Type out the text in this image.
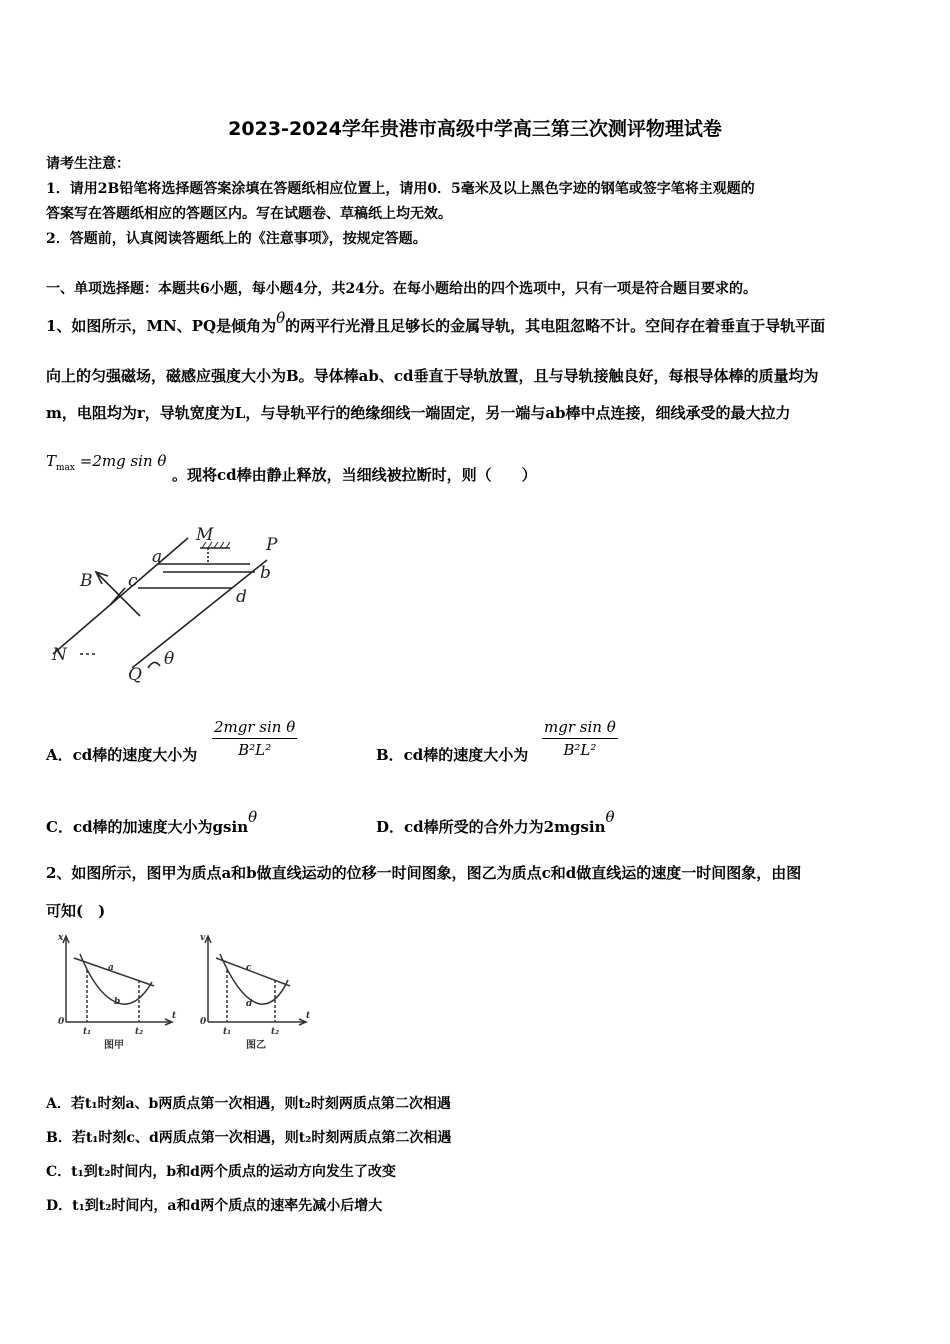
2023-2024学年贵港市高级中学高三第三次测评物理试卷
请考生注意：
1．请用2B铅笔将选择题答案涂填在答题纸相应位置上，请用0．5毫米及以上黑色字迹的钢笔或签字笔将主观题的
答案写在答题纸相应的答题区内。写在试题卷、草稿纸上均无效。
2．答题前，认真阅读答题纸上的《注意事项》，按规定答题。
一、单项选择题：本题共6小题，每小题4分，共24分。在每小题给出的四个选项中，只有一项是符合题目要求的。
1、如图所示，MN、PQ是倾角为θ的两平行光滑且足够长的金属导轨，其电阻忽略不计。空间存在着垂直于导轨平面
向上的匀强磁场，磁感应强度大小为B。导体棒ab、cd垂直于导轨放置，且与导轨接触良好，每根导体棒的质量均为
m，电阻均为r，导轨宽度为L，与导轨平行的绝缘细线一端固定，另一端与ab棒中点连接，细线承受的最大拉力
$T_{max} =2mg$ sin θ
。现将cd棒由静止释放，当细线被拉断时，则（　　）
M	P
a
b
c
d
B
N
Q
θ
A．cd棒的速度大小为
2mgr sin θ
B²L²	B．cd棒的速度大小为
mgr sin θ
B²L²
C．cd棒的加速度大小为gsinθ
D．cd棒所受的合外力为2mgsinθ
2、如图所示，图甲为质点a和b做直线运动的位移一时间图象，图乙为质点c和d做直线运的速度一时间图象，由图
可知(　)
x
t
0
a
b
t₁	t₂
图甲
v
t
0
c
d
t₁	t₂
图乙
A．若t₁时刻a、b两质点第一次相遇，则t₂时刻两质点第二次相遇
B．若t₁时刻c、d两质点第一次相遇，则t₂时刻两质点第二次相遇
C．t₁到t₂时间内，b和d两个质点的运动方向发生了改变
D．t₁到t₂时间内，a和d两个质点的速率先减小后增大
